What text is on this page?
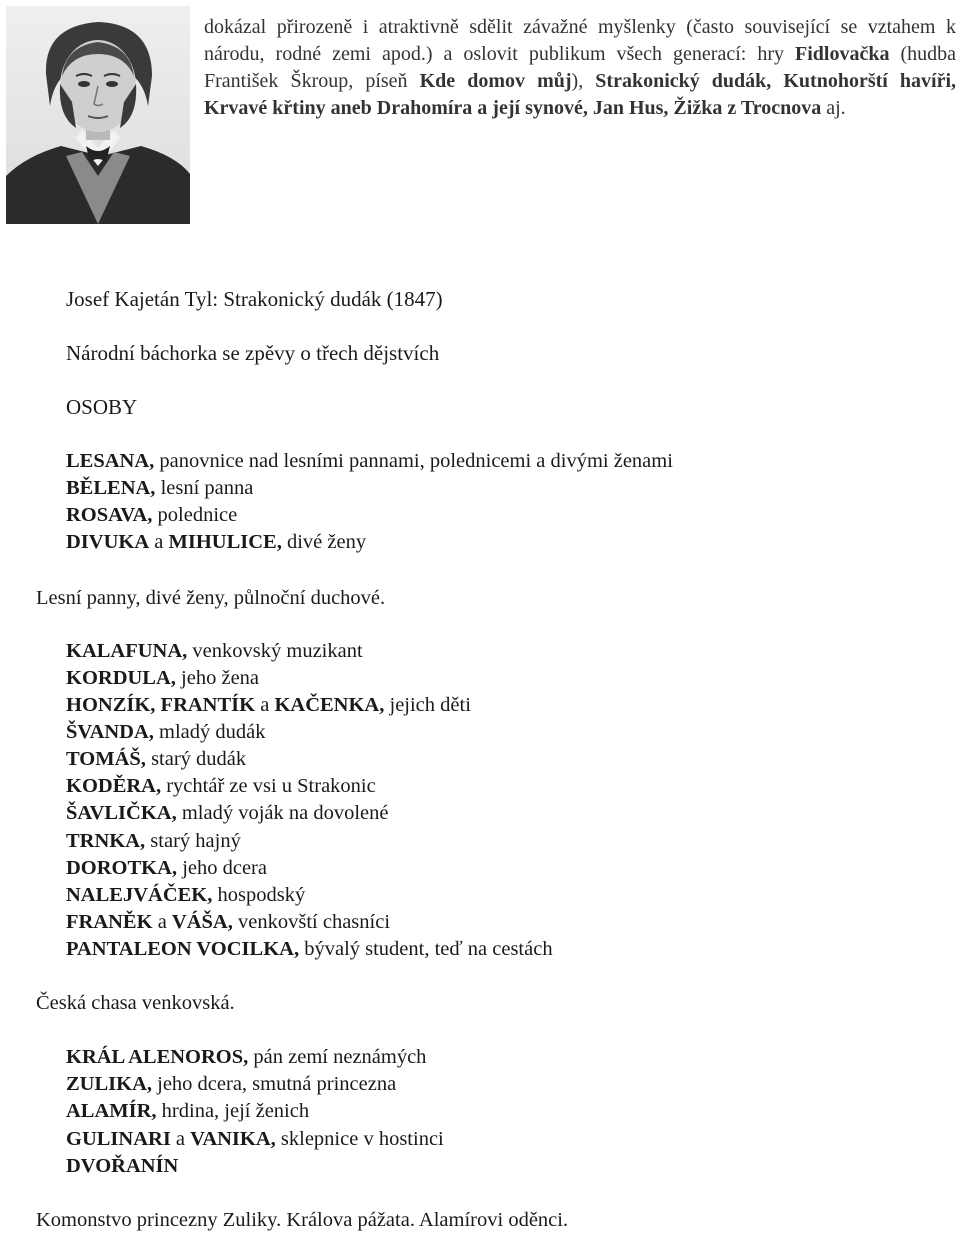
dokázal přirozeně i atraktivně sdělit závažné myšlenky (často související se vztahem k národu, rodné zemi apod.) a oslovit publikum všech generací: hry Fidlovačka (hudba František Škroup, píseň Kde domov můj), Strakonický dudák, Kutnohorští havíři, Krvavé křtiny aneb Drahomíra a její synové, Jan Hus, Žižka z Trocnova aj.
Josef Kajetán Tyl: Strakonický dudák (1847)
Národní báchorka se zpěvy o třech dějstvích
OSOBY
LESANA, panovnice nad lesními pannami, polednicemi a divými ženami
BĚLENA, lesní panna
ROSAVA, polednice
DIVUKA a MIHULICE, divé ženy
Lesní panny, divé ženy, půlnoční duchové.
KALAFUNA, venkovský muzikant
KORDULA, jeho žena
HONZÍK, FRANTÍK a KAČENKA, jejich děti
ŠVANDA, mladý dudák
TOMÁŠ, starý dudák
KODĚRA, rychtář ze vsi u Strakonic
ŠAVLIČKA, mladý voják na dovolené
TRNKA, starý hajný
DOROTKA, jeho dcera
NALEJVÁČEK, hospodský
FRANĚK a VÁŠA, venkovští chasníci
PANTALEON VOCILKA, bývalý student, teď na cestách
Česká chasa venkovská.
KRÁL ALENOROS, pán zemí neznámých
ZULIKA, jeho dcera, smutná princezna
ALAMÍR, hrdina, její ženich
GULINARI a VANIKA, sklepnice v hostinci
DVOŘANÍN
Komonstvo princezny Zuliky. Králova pážata. Alamírovi oděnci.
